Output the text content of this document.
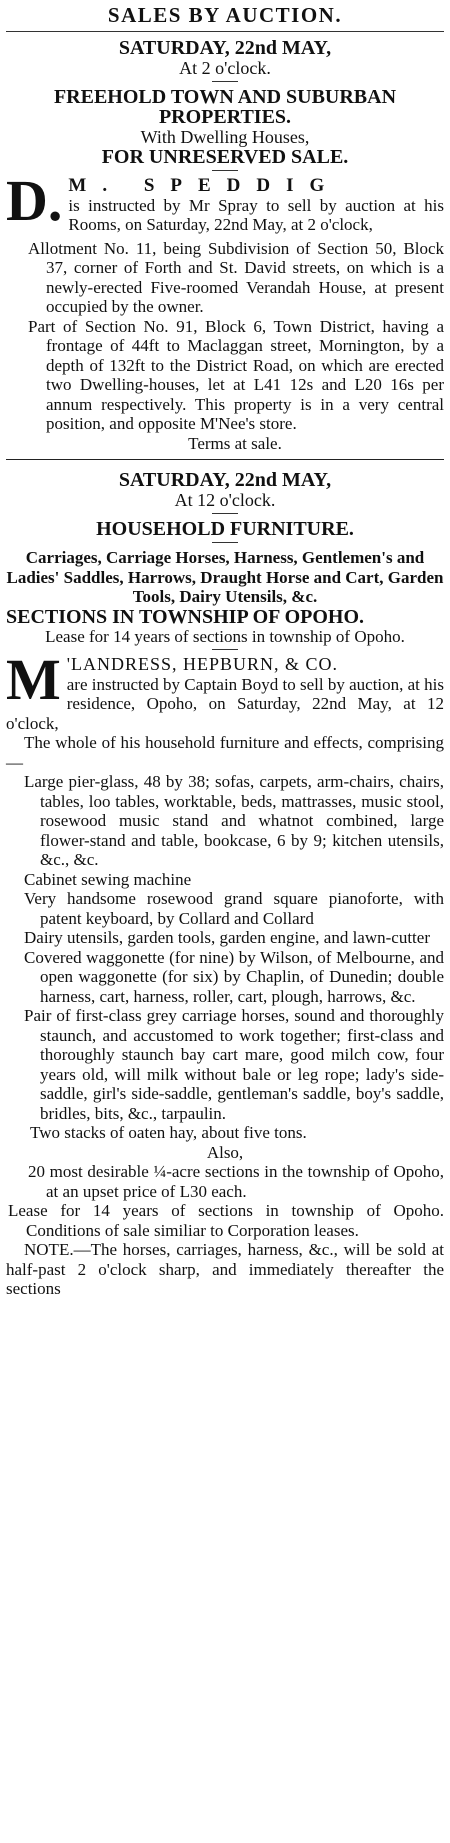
SALES BY AUCTION.
SATURDAY, 22nd MAY,
At 2 o'clock.
FREEHOLD TOWN AND SUBURBAN
PROPERTIES.
With Dwelling Houses,
FOR UNRESERVED SALE.
D. M. SPEDDIG
is instructed by Mr Spray to sell by auction at his Rooms, on Saturday, 22nd May, at 2 o'clock,
Allotment No. 11, being Subdivision of Section 50, Block 37, corner of Forth and St. David streets, on which is a newly-erected Five-roomed Verandah House, at present occupied by the owner.
Part of Section No. 91, Block 6, Town District, having a frontage of 44ft to Maclaggan street, Mornington, by a depth of 132ft to the District Road, on which are erected two Dwelling-houses, let at L41 12s and L20 16s per annum respectively. This property is in a very central position, and opposite M'Nee's store.
Terms at sale.
SATURDAY, 22nd MAY,
At 12 o'clock.
HOUSEHOLD FURNITURE.
Carriages, Carriage Horses, Harness, Gentlemen's and Ladies' Saddles, Harrows, Draught Horse and Cart, Garden Tools, Dairy Utensils, &c.
SECTIONS IN TOWNSHIP OF OPOHO.
Lease for 14 years of sections in township of Opoho.
M 'LANDRESS, HEPBURN, & CO.
are instructed by Captain Boyd to sell by auction, at his residence, Opoho, on Saturday, 22nd May, at 12 o'clock,
The whole of his household furniture and effects, comprising—
Large pier-glass, 48 by 38; sofas, carpets, arm-chairs, chairs, tables, loo tables, worktable, beds, mattrasses, music stool, rosewood music stand and whatnot combined, large flower-stand and table, bookcase, 6 by 9; kitchen utensils, &c., &c.
Cabinet sewing machine
Very handsome rosewood grand square pianoforte, with patent keyboard, by Collard and Collard
Dairy utensils, garden tools, garden engine, and lawn-cutter
Covered waggonette (for nine) by Wilson, of Melbourne, and open waggonette (for six) by Chaplin, of Dunedin; double harness, cart, harness, roller, cart, plough, harrows, &c.
Pair of first-class grey carriage horses, sound and thoroughly staunch, and accustomed to work together; first-class and thoroughly staunch bay cart mare, good milch cow, four years old, will milk without bale or leg rope; lady's side-saddle, girl's side-saddle, gentleman's saddle, boy's saddle, bridles, bits, &c., tarpaulin.
Two stacks of oaten hay, about five tons.
Also,
20 most desirable ¼-acre sections in the township of Opoho, at an upset price of L30 each.
Lease for 14 years of sections in township of Opoho. Conditions of sale similiar to Corporation leases.
NOTE.—The horses, carriages, harness, &c., will be sold at half-past 2 o'clock sharp, and immediately thereafter the sections
